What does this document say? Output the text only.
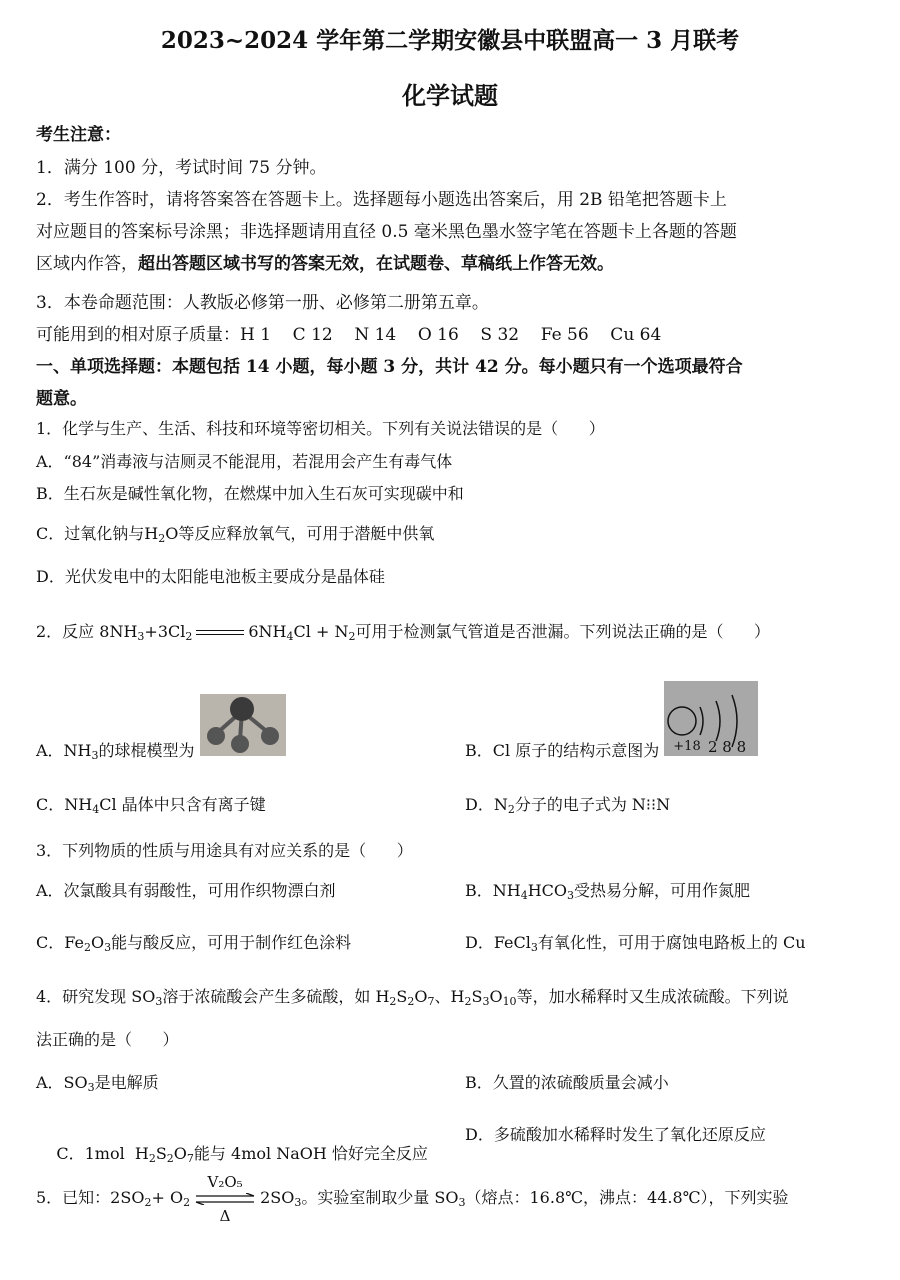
2023~2024 学年第二学期安徽县中联盟高一 3 月联考
化学试题
考生注意：
1．满分 100 分，考试时间 75 分钟。
2．考生作答时，请将答案答在答题卡上。选择题每小题选出答案后，用 2B 铅笔把答题卡上
对应题目的答案标号涂黑；非选择题请用直径 0.5 毫米黑色墨水签字笔在答题卡上各题的答题
区域内作答，超出答题区域书写的答案无效，在试题卷、草稿纸上作答无效。
3．本卷命题范围：人教版必修第一册、必修第二册第五章。
可能用到的相对原子质量：H 1    C 12    N 14    O 16    S 32    Fe 56    Cu 64
一、单项选择题：本题包括 14 小题，每小题 3 分，共计 42 分。每小题只有一个选项最符合
题意。
1．化学与生产、生活、科技和环境等密切相关。下列有关说法错误的是（      ）
A．“84”消毒液与洁厕灵不能混用，若混用会产生有毒气体
B．生石灰是碱性氧化物，在燃煤中加入生石灰可实现碳中和
C．过氧化钠与$H_2O$等反应释放氧气，可用于潜艇中供氧
D．光伏发电中的太阳能电池板主要成分是晶体硅
2．反应 $8NH_3+3Cl_2$	$6NH_4Cl + N_2$可用于检测氯气管道是否泄漏。下列说法正确的是（      ）
A．$NH_3$的球棍模型为	B．Cl 原子的结构示意图为	+18 2 8 8
C．$NH_4Cl$ 晶体中只含有离子键	D．$N_2$分子的电子式为 N⁝⁝N
3．下列物质的性质与用途具有对应关系的是（      ）
A．次氯酸具有弱酸性，可用作织物漂白剂	B．$NH_4HCO_3$受热易分解，可用作氮肥
C．$Fe_2O_3$能与酸反应，可用于制作红色涂料	D．FeCl$_3$有氧化性，可用于腐蚀电路板上的 Cu
4．研究发现 $SO_3$溶于浓硫酸会产生多硫酸，如 $H_2S_2O_7$、$H_2S_3O_{10}$等，加水稀释时又生成浓硫酸。下列说
法正确的是（      ）
A．$SO_3$是电解质	B．久置的浓硫酸质量会减小

C．1mol  $H_2S_2O_7$能与 4mol NaOH 恰好完全反应

D．多硫酸加水稀释时发生了氧化还原反应
5．已知：$2SO_2+ O_2$
V₂O₅
Δ
$2SO_3$。实验室制取少量 $SO_3$（熔点：16.8℃，沸点：44.8℃），下列实验
